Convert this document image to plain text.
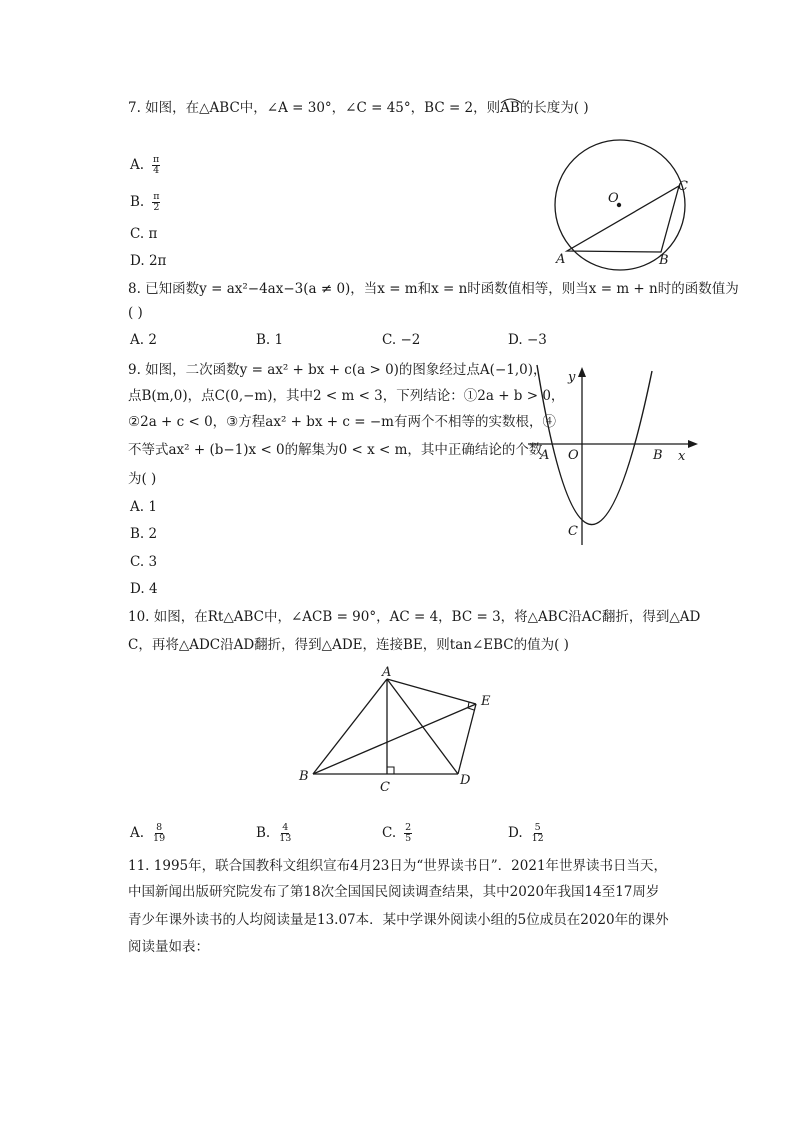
7. 如图，在△ABC中，∠A = 30°，∠C = 45°，BC = 2，则
AB的长度为( )
A. $\frac{\pi}{4}$
B. $\frac{\pi}{2}$
C. π
D. 2π
O
A	B
C
8. 已知函数y = ax²−4ax−3(a ≠ 0)，当x = m和x = n时函数值相等，则当x = m + n时的函数值为
( )
A. 2	B. 1	C. −2	D. −3
9. 如图，二次函数y = ax² + bx + c(a > 0)的图象经过点A(−1,0)，
点B(m,0)，点C(0,−m)，其中2 < m < 3，下列结论：①2a + b > 0，
②2a + c < 0，③方程ax² + bx + c = −m有两个不相等的实数根，④
不等式ax² + (b−1)x < 0的解集为0 < x < m，其中正确结论的个数
为( )
A. 1
B. 2
C. 3
D. 4
y
x
A O	B
C
10. 如图，在Rt△ABC中，∠ACB = 90°，AC = 4，BC = 3，将△ABC沿AC翻折，得到△AD
C，再将△ADC沿AD翻折，得到△ADE，连接BE，则tan∠EBC的值为( )
A
B
C	D
E
A. $\frac{8}{19}$	B. $\frac{4}{13}$	C. $\frac{2}{5}$	D. $\frac{5}{12}$
11. 1995年，联合国教科文组织宣布4月23日为“世界读书日”．2021年世界读书日当天，
中国新闻出版研究院发布了第18次全国国民阅读调查结果，其中2020年我国14至17周岁
青少年课外读书的人均阅读量是13.07本．某中学课外阅读小组的5位成员在2020年的课外
阅读量如表：
